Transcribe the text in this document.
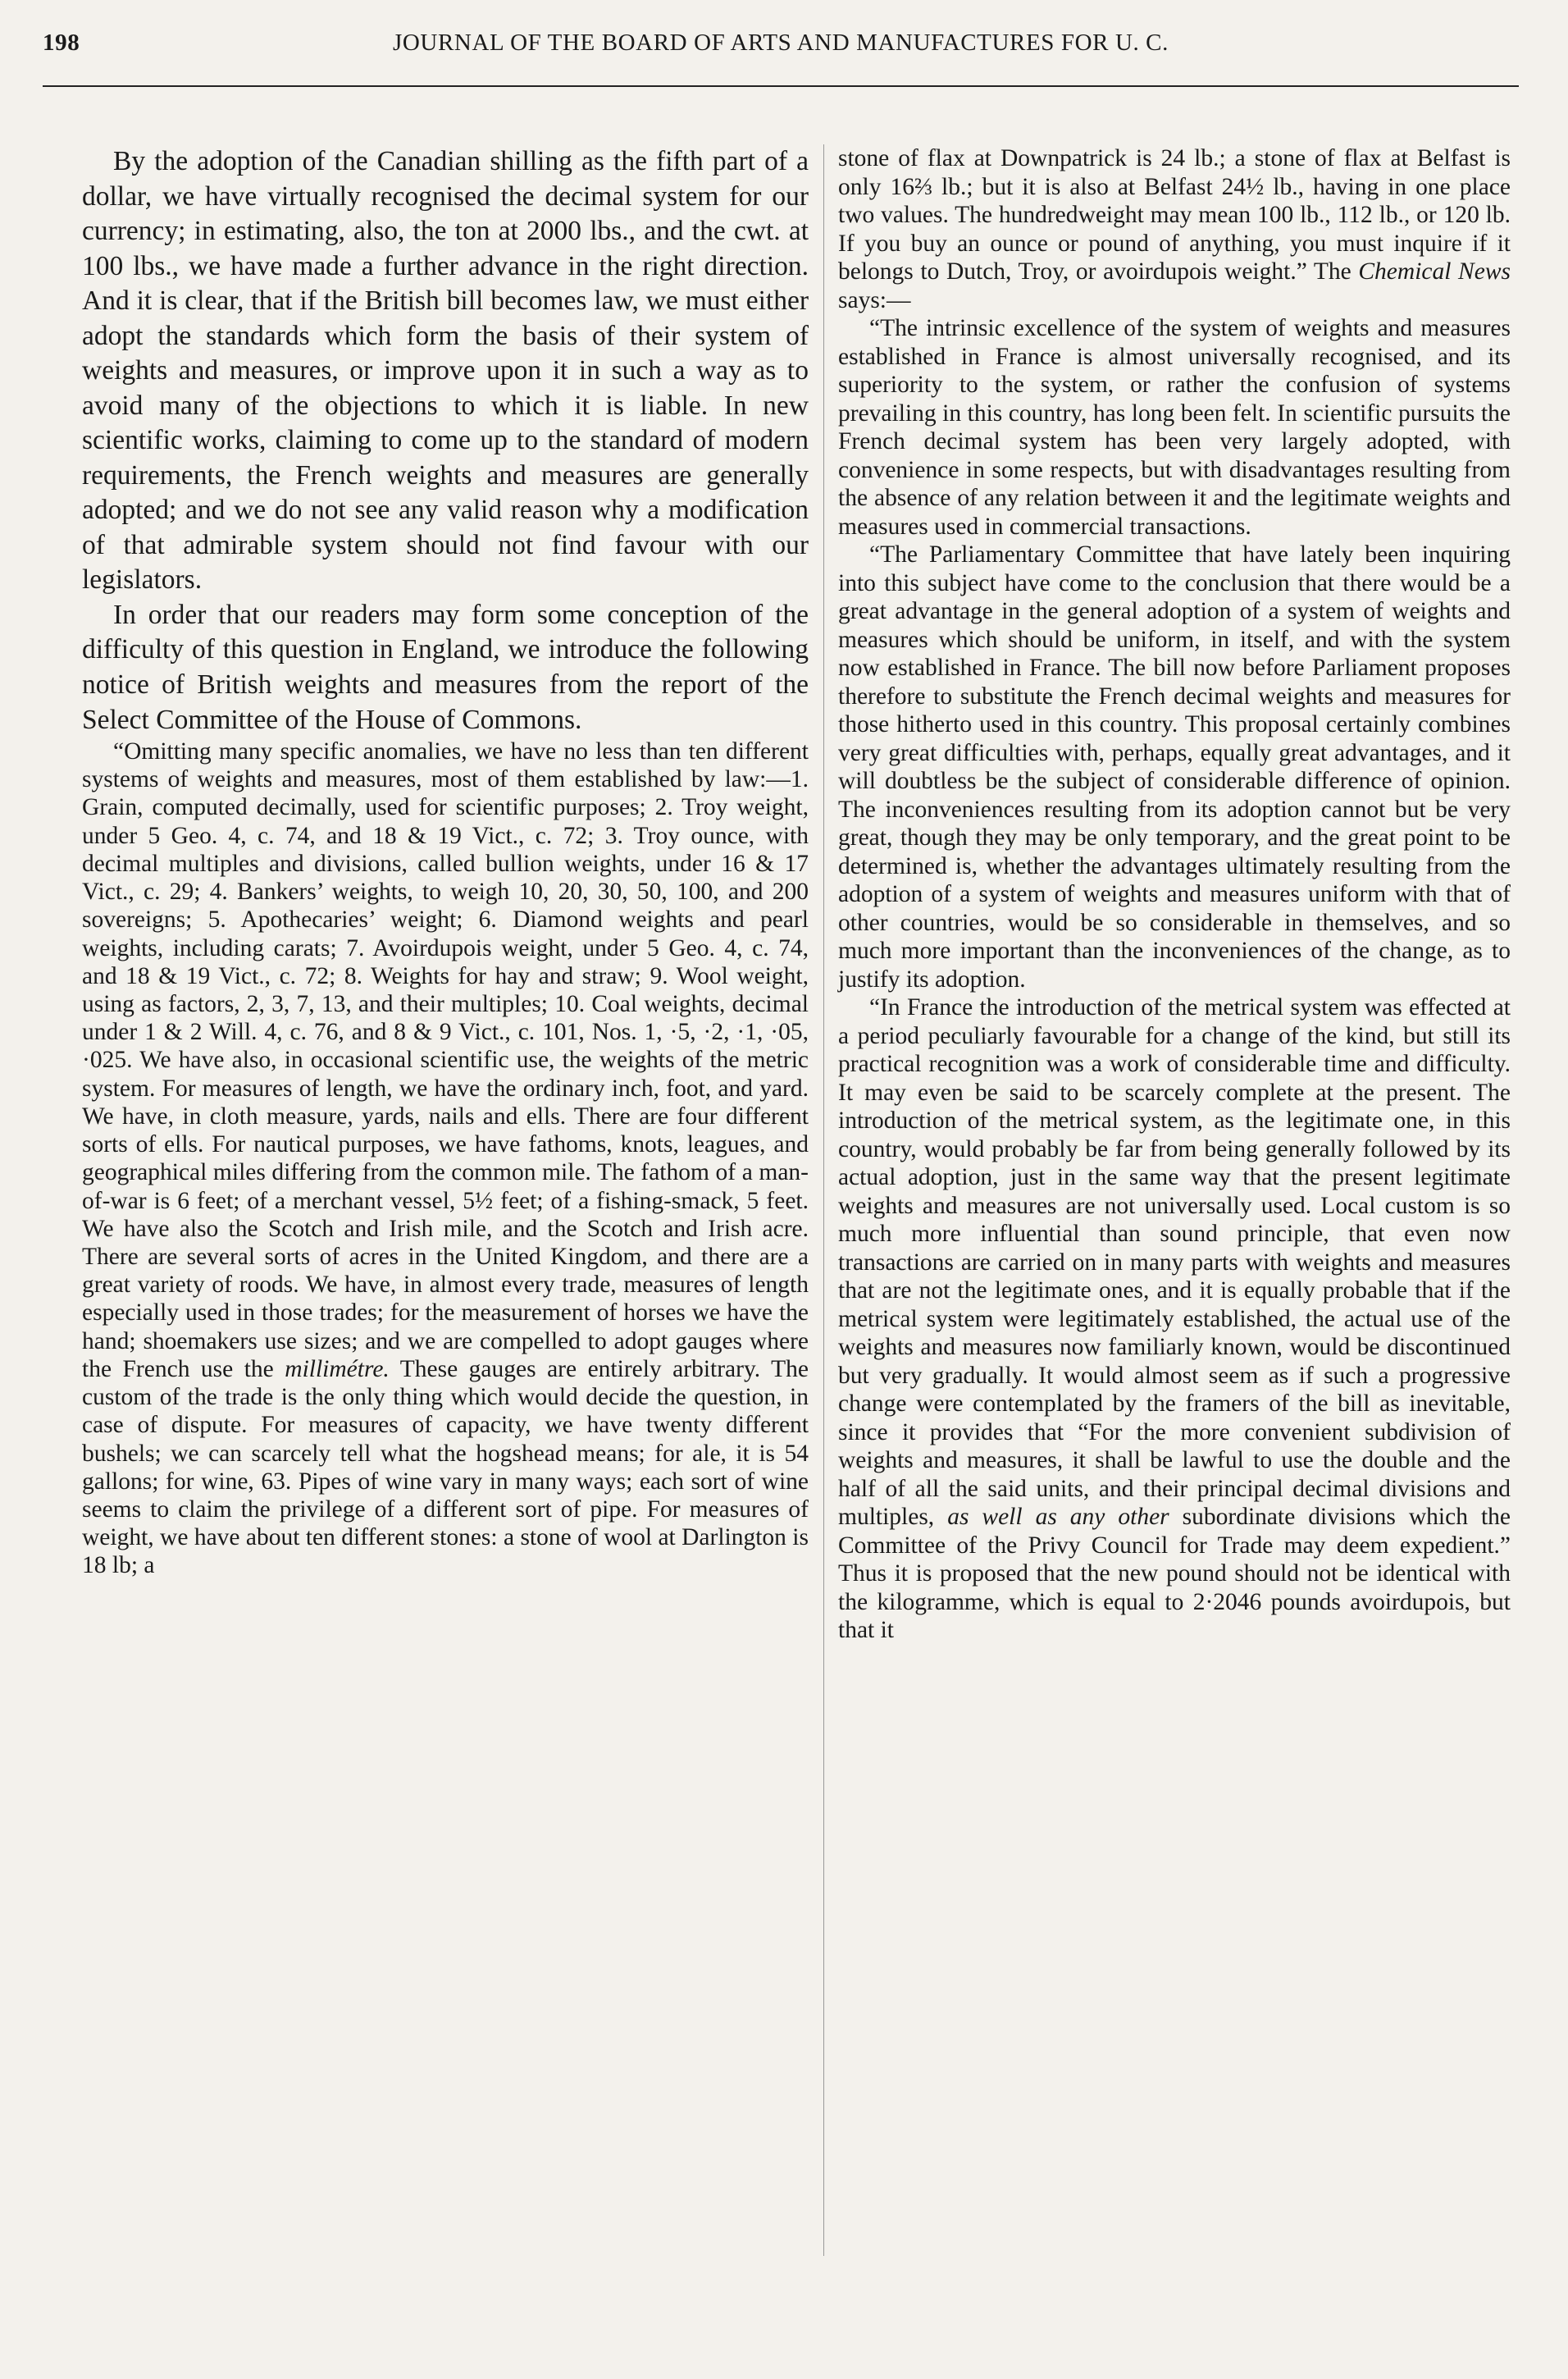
198	JOURNAL OF THE BOARD OF ARTS AND MANUFACTURES FOR U. C.

By the adoption of the Canadian shilling as the fifth part of a dollar, we have virtually recognised the decimal system for our currency; in estimating, also, the ton at 2000 lbs., and the cwt. at 100 lbs., we have made a further advance in the right direction. And it is clear, that if the British bill becomes law, we must either adopt the standards which form the basis of their system of weights and measures, or improve upon it in such a way as to avoid many of the objections to which it is liable. In new scientific works, claiming to come up to the standard of modern requirements, the French weights and measures are generally adopted; and we do not see any valid reason why a modification of that admirable system should not find favour with our legislators.

In order that our readers may form some conception of the difficulty of this question in England, we introduce the following notice of British weights and measures from the report of the Select Committee of the House of Commons.

“Omitting many specific anomalies, we have no less than ten different systems of weights and measures, most of them established by law:—1. Grain, computed decimally, used for scientific purposes; 2. Troy weight, under 5 Geo. 4, c. 74, and 18 & 19 Vict., c. 72; 3. Troy ounce, with decimal multiples and divisions, called bullion weights, under 16 & 17 Vict., c. 29; 4. Bankers’ weights, to weigh 10, 20, 30, 50, 100, and 200 sovereigns; 5. Apothecaries’ weight; 6. Diamond weights and pearl weights, including carats; 7. Avoirdupois weight, under 5 Geo. 4, c. 74, and 18 & 19 Vict., c. 72; 8. Weights for hay and straw; 9. Wool weight, using as factors, 2, 3, 7, 13, and their multiples; 10. Coal weights, decimal under 1 & 2 Will. 4, c. 76, and 8 & 9 Vict., c. 101, Nos. 1, ·5, ·2, ·1, ·05, ·025. We have also, in occasional scientific use, the weights of the metric system. For measures of length, we have the ordinary inch, foot, and yard. We have, in cloth measure, yards, nails and ells. There are four different sorts of ells. For nautical purposes, we have fathoms, knots, leagues, and geographical miles differing from the common mile. The fathom of a man-of-war is 6 feet; of a merchant vessel, 5½ feet; of a fishing-smack, 5 feet. We have also the Scotch and Irish mile, and the Scotch and Irish acre. There are several sorts of acres in the United Kingdom, and there are a great variety of roods. We have, in almost every trade, measures of length especially used in those trades; for the measurement of horses we have the hand; shoemakers use sizes; and we are compelled to adopt gauges where the French use the millimétre. These gauges are entirely arbitrary. The custom of the trade is the only thing which would decide the question, in case of dispute. For measures of capacity, we have twenty different bushels; we can scarcely tell what the hogshead means; for ale, it is 54 gallons; for wine, 63. Pipes of wine vary in many ways; each sort of wine seems to claim the privilege of a different sort of pipe. For measures of weight, we have about ten different stones: a stone of wool at Darlington is 18 lb; a

stone of flax at Downpatrick is 24 lb.; a stone of flax at Belfast is only 16⅔ lb.; but it is also at Belfast 24½ lb., having in one place two values. The hundredweight may mean 100 lb., 112 lb., or 120 lb. If you buy an ounce or pound of anything, you must inquire if it belongs to Dutch, Troy, or avoirdupois weight.” The Chemical News says:—

“The intrinsic excellence of the system of weights and measures established in France is almost universally recognised, and its superiority to the system, or rather the confusion of systems prevailing in this country, has long been felt. In scientific pursuits the French decimal system has been very largely adopted, with convenience in some respects, but with disadvantages resulting from the absence of any relation between it and the legitimate weights and measures used in commercial transactions.

“The Parliamentary Committee that have lately been inquiring into this subject have come to the conclusion that there would be a great advantage in the general adoption of a system of weights and measures which should be uniform, in itself, and with the system now established in France. The bill now before Parliament proposes therefore to substitute the French decimal weights and measures for those hitherto used in this country. This proposal certainly combines very great difficulties with, perhaps, equally great advantages, and it will doubtless be the subject of considerable difference of opinion. The inconveniences resulting from its adoption cannot but be very great, though they may be only temporary, and the great point to be determined is, whether the advantages ultimately resulting from the adoption of a system of weights and measures uniform with that of other countries, would be so considerable in themselves, and so much more important than the inconveniences of the change, as to justify its adoption.

“In France the introduction of the metrical system was effected at a period peculiarly favourable for a change of the kind, but still its practical recognition was a work of considerable time and difficulty. It may even be said to be scarcely complete at the present. The introduction of the metrical system, as the legitimate one, in this country, would probably be far from being generally followed by its actual adoption, just in the same way that the present legitimate weights and measures are not universally used. Local custom is so much more influential than sound principle, that even now transactions are carried on in many parts with weights and measures that are not the legitimate ones, and it is equally probable that if the metrical system were legitimately established, the actual use of the weights and measures now familiarly known, would be discontinued but very gradually. It would almost seem as if such a progressive change were contemplated by the framers of the bill as inevitable, since it provides that “For the more convenient subdivision of weights and measures, it shall be lawful to use the double and the half of all the said units, and their principal decimal divisions and multiples, as well as any other subordinate divisions which the Committee of the Privy Council for Trade may deem expedient.” Thus it is proposed that the new pound should not be identical with the kilogramme, which is equal to 2·2046 pounds avoirdupois, but that it
